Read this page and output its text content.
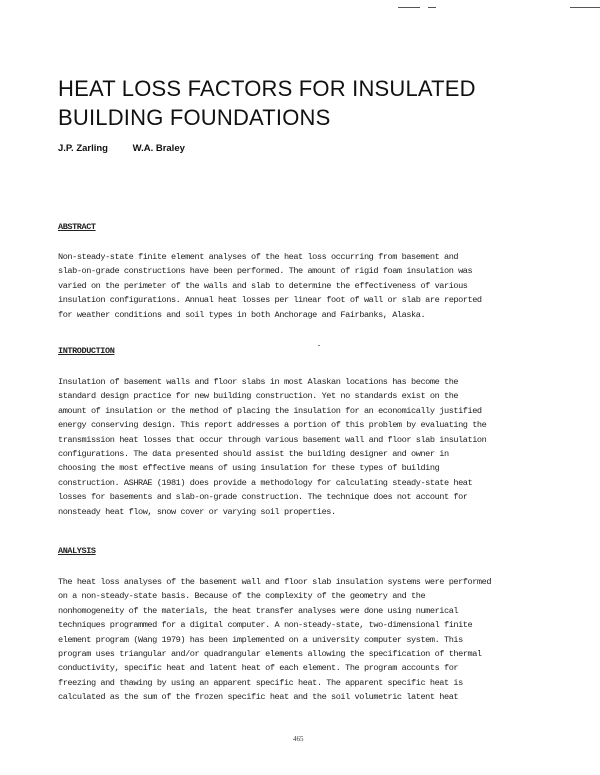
HEAT LOSS FACTORS FOR INSULATED
BUILDING FOUNDATIONS
J.P. Zarling	W.A. Braley
ABSTRACT
Non-steady-state finite element analyses of the heat loss occurring from basement and
slab-on-grade constructions have been performed. The amount of rigid foam insulation was
varied on the perimeter of the walls and slab to determine the effectiveness of various
insulation configurations. Annual heat losses per linear foot of wall or slab are reported
for weather conditions and soil types in both Anchorage and Fairbanks, Alaska.
INTRODUCTION
Insulation of basement walls and floor slabs in most Alaskan locations has become the
standard design practice for new building construction. Yet no standards exist on the
amount of insulation or the method of placing the insulation for an economically justified
energy conserving design. This report addresses a portion of this problem by evaluating the
transmission heat losses that occur through various basement wall and floor slab insulation
configurations. The data presented should assist the building designer and owner in
choosing the most effective means of using insulation for these types of building
construction. ASHRAE (1981) does provide a methodology for calculating steady-state heat
losses for basements and slab-on-grade construction. The technique does not account for
nonsteady heat flow, snow cover or varying soil properties.
ANALYSIS
The heat loss analyses of the basement wall and floor slab insulation systems were performed
on a non-steady-state basis. Because of the complexity of the geometry and the
nonhomogeneity of the materials, the heat transfer analyses were done using numerical
techniques programmed for a digital computer. A non-steady-state, two-dimensional finite
element program (Wang 1979) has been implemented on a university computer system. This
program uses triangular and/or quadrangular elements allowing the specification of thermal
conductivity, specific heat and latent heat of each element. The program accounts for
freezing and thawing by using an apparent specific heat. The apparent specific heat is
calculated as the sum of the frozen specific heat and the soil volumetric latent heat
465
